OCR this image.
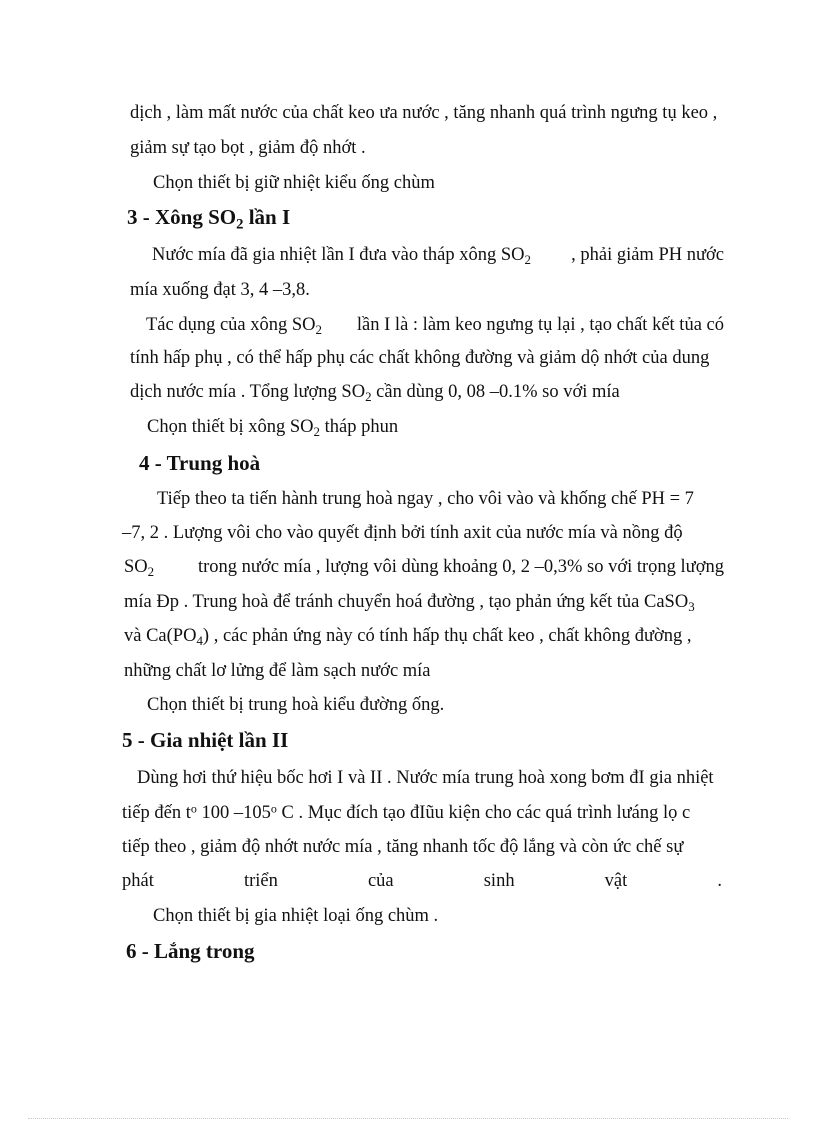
dịch , làm mất nước của chất keo ưa nước , tăng nhanh quá trình ngưng tụ keo ,
giảm sự tạo bọt , giảm độ nhớt .
Chọn thiết bị giữ nhiệt kiểu ống chùm
3 - Xông $SO_2$ lần I
Nước mía đã gia nhiệt lần I đưa vào tháp xông $SO_2$ , phải giảm PH nước
mía xuống đạt 3, 4 –3,8.
Tác dụng của xông $SO_2$ lần I là : làm keo ngưng tụ lại , tạo chất kết tủa có
tính hấp phụ , có thể hấp phụ các chất không đường và giảm dộ nhớt của dung
dịch nước mía . Tổng lượng $SO_2$ cần dùng 0, 08 –0.1% so với mía
Chọn thiết bị xông $SO_2$ tháp phun
4 - Trung hoà
Tiếp theo ta tiến hành trung hoà ngay , cho vôi vào và khống chế PH = 7
–7, 2 . Lượng vôi cho vào quyết định bởi tính axit của nước mía và nồng độ
$SO_2$ trong nước mía , lượng vôi dùng khoảng 0, 2 –0,3% so với trọng lượng
mía Đp . Trung hoà để tránh chuyển hoá đường , tạo phản ứng kết tủa CaSO$_3$
và $Ca(PO_4)$ , các phản ứng này có tính hấp thụ chất keo , chất không đường ,
những chất lơ lửng để làm sạch nước mía
Chọn thiết bị trung hoà kiểu đường ống.
5 - Gia nhiệt lần II
Dùng hơi thứ hiệu bốc hơi I và II . Nước mía trung hoà xong bơm đI gia nhiệt
tiếp đến $t^o$ 100 –105$^o$ C . Mục đích tạo đIũu kiện cho các quá trình lưáng lọ c
tiếp theo , giảm độ nhớt nước mía , tăng nhanh tốc độ lắng và còn ức chế sự
phát	triển	của	sinh	vật	.
Chọn thiết bị gia nhiệt loại ống chùm .
6 - Lắng trong
